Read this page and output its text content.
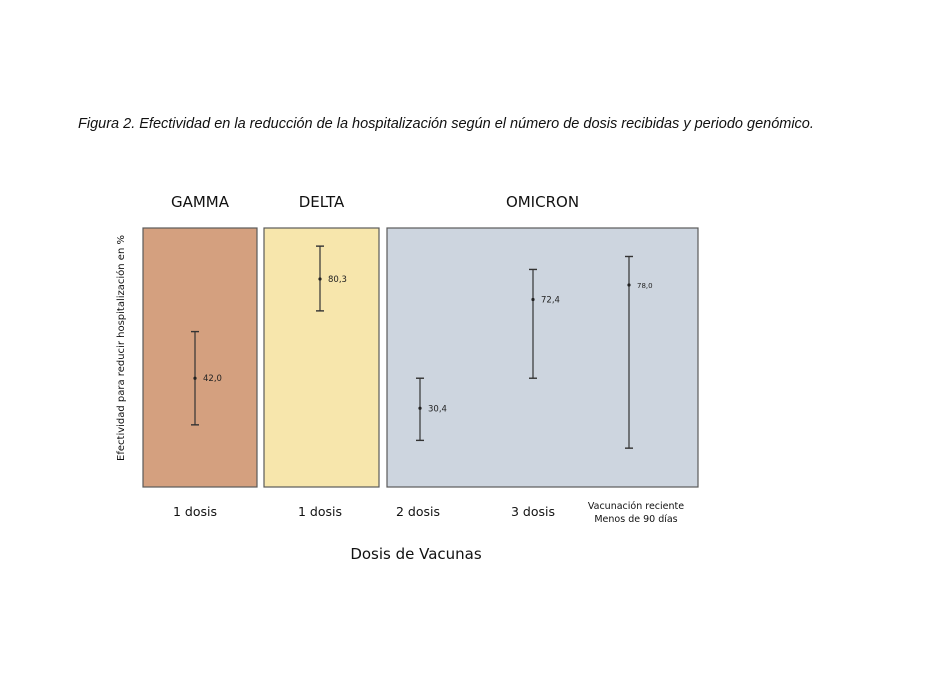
Figura 2. Efectividad en la reducción de la hospitalización según el número de dosis recibidas y periodo genómico.
GAMMA	DELTA	OMICRON
Efectividad para reducir hospitalización en %	42,0
80,3
30,4
72,4
78,0
1 dosis	1 dosis	2 dosis	3 dosis	Vacunación reciente Menos de 90 días
Dosis de Vacunas
